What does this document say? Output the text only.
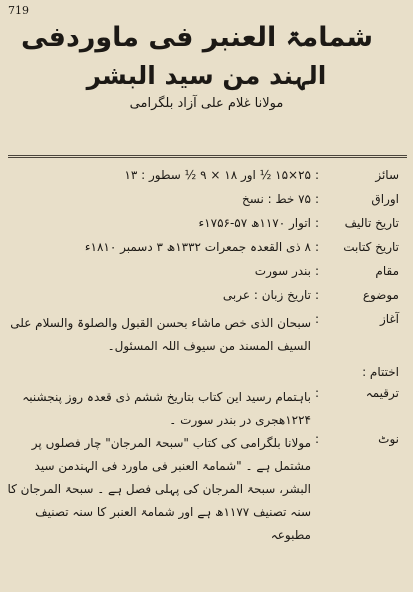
719
شمامۃ العنبر فی ماوردفی
الہند من سید البشر
مولانا غلام علی آزاد بلگرامی
سائز
:
۲۵×۱۵ ½ اور ۱۸ × ۹ ½ سطور : ۱۳
اوراق
:
۷۵ خط : نسخ
تاریخ تالیف
:
اتوار ۱۱۷۰ھ ۵۷-۱۷۵۶ء
تاریخ کتابت
:
۸ ذی القعدہ جمعرات ۱۳۳۲ھ ۳ دسمبر ۱۸۱۰ء
مقام
:
بندر سورت
موضوع
:
تاریخ زبان : عربی
آغاز
:
سبحان الذی خص ماشاء بحسن القبول والصلوۃ والسلام علی السیف المسند من سیوف اللہ المسئول۔
اختتام :
ترقیمہ
:
باہتمام رسید این کتاب بتاریخ ششم ذی قعدہ روز پنجشنبہ ۱۲۲۴ھجری در بندر سورت ۔
نوٹ
:
مولانا بلگرامی کی کتاب "سبحۃ المرجان" چار فصلوں پر مشتمل ہے ۔ "شمامۃ العنبر فی ماورد فی الہندمن سید البشر، سبحۃ المرجان کی پہلی فصل ہے ۔ سبحۃ المرجان کا سنہ تصنیف ۱۱۷۷ھ ہے اور شمامۃ العنبر کا سنہ تصنیف مطبوعہ
